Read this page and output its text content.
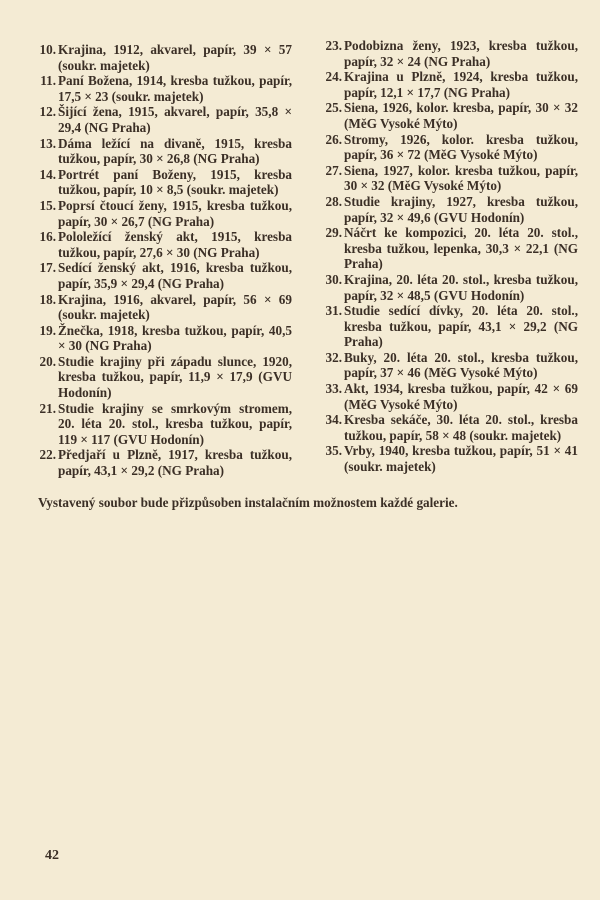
10. Krajina, 1912, akvarel, papír, 39 × 57 (soukr. majetek)
11. Paní Božena, 1914, kresba tužkou, papír, 17,5 × 23 (soukr. majetek)
12. Šijící žena, 1915, akvarel, papír, 35,8 × 29,4 (NG Praha)
13. Dáma ležící na divaně, 1915, kresba tužkou, papír, 30 × 26,8 (NG Praha)
14. Portrét paní Boženy, 1915, kresba tužkou, papír, 10 × 8,5 (soukr. majetek)
15. Poprsí čtoucí ženy, 1915, kresba tužkou, papír, 30 × 26,7 (NG Praha)
16. Pololežící ženský akt, 1915, kresba tužkou, papír, 27,6 × 30 (NG Praha)
17. Sedící ženský akt, 1916, kresba tužkou, papír, 35,9 × 29,4 (NG Praha)
18. Krajina, 1916, akvarel, papír, 56 × 69 (soukr. majetek)
19. Žnečka, 1918, kresba tužkou, papír, 40,5 × 30 (NG Praha)
20. Studie krajiny při západu slunce, 1920, kresba tužkou, papír, 11,9 × 17,9 (GVU Hodonín)
21. Studie krajiny se smrkovým stromem, 20. léta 20. stol., kresba tužkou, papír, 119 × 117 (GVU Hodonín)
22. Předjaří u Plzně, 1917, kresba tužkou, papír, 43,1 × 29,2 (NG Praha)
23. Podobizna ženy, 1923, kresba tužkou, papír, 32 × 24 (NG Praha)
24. Krajina u Plzně, 1924, kresba tužkou, papír, 12,1 × 17,7 (NG Praha)
25. Siena, 1926, kolor. kresba, papír, 30 × 32 (MěG Vysoké Mýto)
26. Stromy, 1926, kolor. kresba tužkou, papír, 36 × 72 (MěG Vysoké Mýto)
27. Siena, 1927, kolor. kresba tužkou, papír, 30 × 32 (MěG Vysoké Mýto)
28. Studie krajiny, 1927, kresba tužkou, papír, 32 × 49,6 (GVU Hodonín)
29. Náčrt ke kompozici, 20. léta 20. stol., kresba tužkou, lepenka, 30,3 × 22,1 (NG Praha)
30. Krajina, 20. léta 20. stol., kresba tužkou, papír, 32 × 48,5 (GVU Hodonín)
31. Studie sedící dívky, 20. léta 20. stol., kresba tužkou, papír, 43,1 × 29,2 (NG Praha)
32. Buky, 20. léta 20. stol., kresba tužkou, papír, 37 × 46 (MěG Vysoké Mýto)
33. Akt, 1934, kresba tužkou, papír, 42 × 69 (MěG Vysoké Mýto)
34. Kresba sekáče, 30. léta 20. stol., kresba tužkou, papír, 58 × 48 (soukr. majetek)
35. Vrby, 1940, kresba tužkou, papír, 51 × 41 (soukr. majetek)
Vystavený soubor bude přizpůsoben instalačním možnostem každé galerie.
42
